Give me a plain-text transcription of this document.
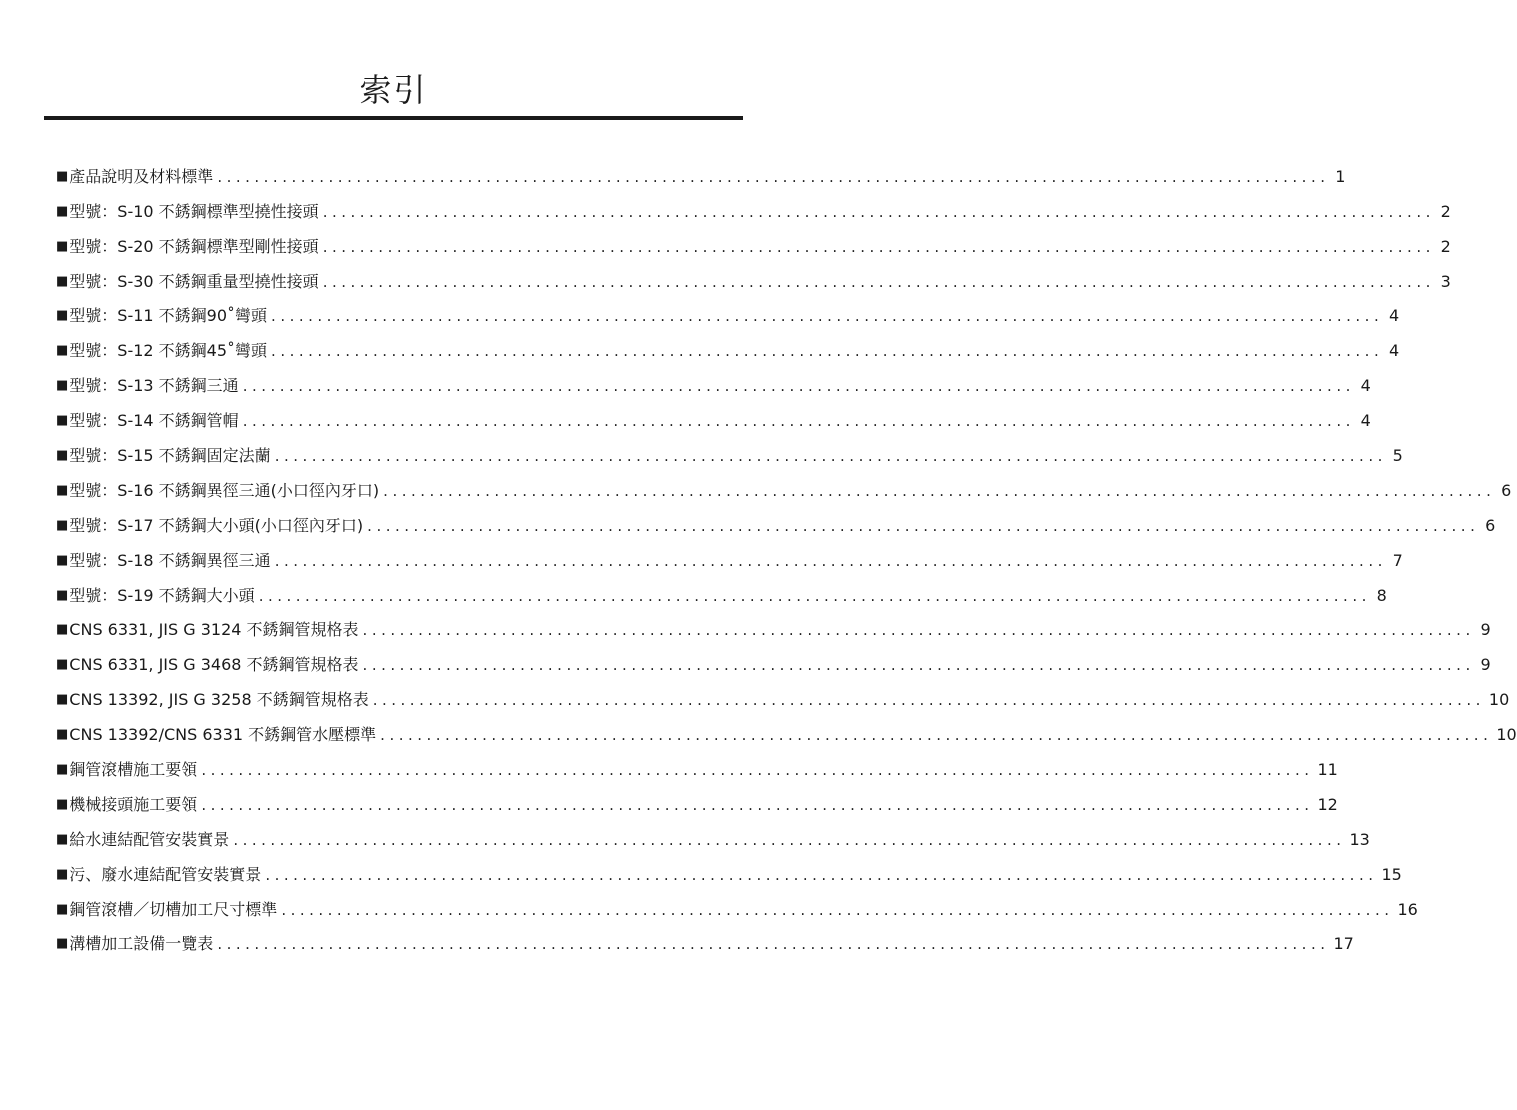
索引
■ 產品說明及材料標準 ........................................................................................................................ 1
■ 型號：S-10 不銹鋼標準型撓性接頭 ........................................................................................................................ 2
■ 型號：S-20 不銹鋼標準型剛性接頭 ........................................................................................................................ 2
■ 型號：S-30 不銹鋼重量型撓性接頭 ........................................................................................................................ 3
■ 型號：S-11 不銹鋼90˚彎頭 ........................................................................................................................ 4
■ 型號：S-12 不銹鋼45˚彎頭 ........................................................................................................................ 4
■ 型號：S-13 不銹鋼三通 ........................................................................................................................ 4
■ 型號：S-14 不銹鋼管帽 ........................................................................................................................ 4
■ 型號：S-15 不銹鋼固定法蘭 ........................................................................................................................ 5
■ 型號：S-16 不銹鋼異徑三通(小口徑內牙口) ........................................................................................................................ 6
■ 型號：S-17 不銹鋼大小頭(小口徑內牙口) ........................................................................................................................ 6
■ 型號：S-18 不銹鋼異徑三通 ........................................................................................................................ 7
■ 型號：S-19 不銹鋼大小頭 ........................................................................................................................ 8
■ CNS 6331, JIS G 3124 不銹鋼管規格表 ........................................................................................................................ 9
■ CNS 6331, JIS G 3468 不銹鋼管規格表 ........................................................................................................................ 9
■ CNS 13392, JIS G 3258 不銹鋼管規格表 ........................................................................................................................ 10
■ CNS 13392/CNS 6331 不銹鋼管水壓標準 ........................................................................................................................ 10
■ 鋼管滾槽施工要領 ........................................................................................................................ 11
■ 機械接頭施工要領 ........................................................................................................................ 12
■ 給水連結配管安裝實景 ........................................................................................................................ 13
■ 污、廢水連結配管安裝實景 ........................................................................................................................ 15
■ 鋼管滾槽／切槽加工尺寸標準 ........................................................................................................................ 16
■ 溝槽加工設備一覽表 ........................................................................................................................ 17
